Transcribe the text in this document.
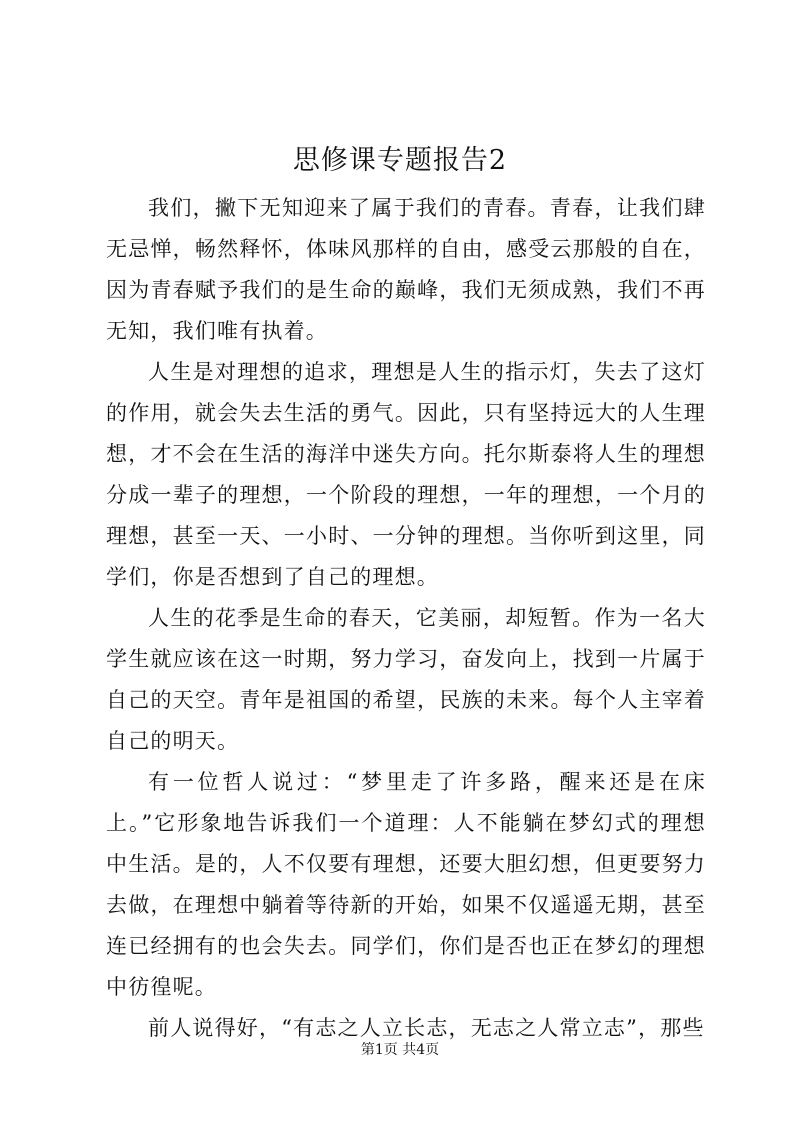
思修课专题报告2

我们，撇下无知迎来了属于我们的青春。青春，让我们肆无忌惮，畅然释怀，体味风那样的自由，感受云那般的自在，因为青春赋予我们的是生命的巅峰，我们无须成熟，我们不再无知，我们唯有执着。

人生是对理想的追求，理想是人生的指示灯，失去了这灯的作用，就会失去生活的勇气。因此，只有坚持远大的人生理想，才不会在生活的海洋中迷失方向。托尔斯泰将人生的理想分成一辈子的理想，一个阶段的理想，一年的理想，一个月的理想，甚至一天、一小时、一分钟的理想。当你听到这里，同学们，你是否想到了自己的理想。

人生的花季是生命的春天，它美丽，却短暂。作为一名大学生就应该在这一时期，努力学习，奋发向上，找到一片属于自己的天空。青年是祖国的希望，民族的未来。每个人主宰着自己的明天。

有一位哲人说过：“梦里走了许多路，醒来还是在床上。”它形象地告诉我们一个道理：人不能躺在梦幻式的理想中生活。是的，人不仅要有理想，还要大胆幻想，但更要努力去做，在理想中躺着等待新的开始，如果不仅遥遥无期，甚至连已经拥有的也会失去。同学们，你们是否也正在梦幻的理想中彷徨呢。

前人说得好，“有志之人立长志，无志之人常立志”，那些

第1页 共4页
